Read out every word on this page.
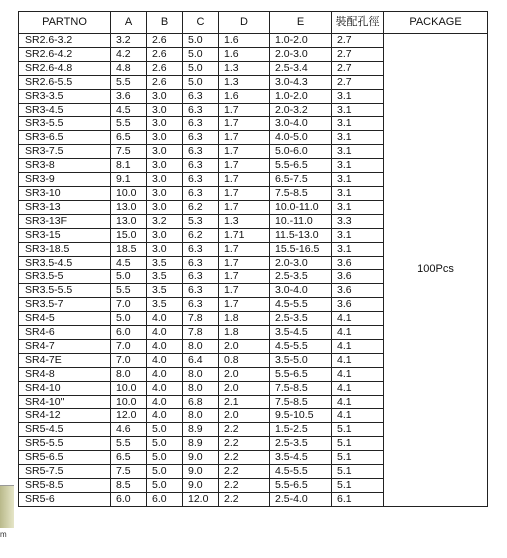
m
PARTNO	A	B	C	D	E	裝配孔徑	PACKAGE
SR2.6-3.2	3.2	2.6	5.0	1.6	1.0-2.0	2.7	100Pcs
SR2.6-4.2	4.2	2.6	5.0	1.6	2.0-3.0	2.7	
SR2.6-4.8	4.8	2.6	5.0	1.3	2.5-3.4	2.7	
SR2.6-5.5	5.5	2.6	5.0	1.3	3.0-4.3	2.7	
SR3-3.5	3.6	3.0	6.3	1.6	1.0-2.0	3.1	
SR3-4.5	4.5	3.0	6.3	1.7	2.0-3.2	3.1	
SR3-5.5	5.5	3.0	6.3	1.7	3.0-4.0	3.1	
SR3-6.5	6.5	3.0	6.3	1.7	4.0-5.0	3.1	
SR3-7.5	7.5	3.0	6.3	1.7	5.0-6.0	3.1	
SR3-8	8.1	3.0	6.3	1.7	5.5-6.5	3.1	
SR3-9	9.1	3.0	6.3	1.7	6.5-7.5	3.1	
SR3-10	10.0	3.0	6.3	1.7	7.5-8.5	3.1	
SR3-13	13.0	3.0	6.2	1.7	10.0-11.0	3.1	
SR3-13F	13.0	3.2	5.3	1.3	10.-11.0	3.3	
SR3-15	15.0	3.0	6.2	1.71	11.5-13.0	3.1	
SR3-18.5	18.5	3.0	6.3	1.7	15.5-16.5	3.1	
SR3.5-4.5	4.5	3.5	6.3	1.7	2.0-3.0	3.6	
SR3.5-5	5.0	3.5	6.3	1.7	2.5-3.5	3.6	
SR3.5-5.5	5.5	3.5	6.3	1.7	3.0-4.0	3.6	
SR3.5-7	7.0	3.5	6.3	1.7	4.5-5.5	3.6	
SR4-5	5.0	4.0	7.8	1.8	2.5-3.5	4.1	
SR4-6	6.0	4.0	7.8	1.8	3.5-4.5	4.1	
SR4-7	7.0	4.0	8.0	2.0	4.5-5.5	4.1	
SR4-7E	7.0	4.0	6.4	0.8	3.5-5.0	4.1	
SR4-8	8.0	4.0	8.0	2.0	5.5-6.5	4.1	
SR4-10	10.0	4.0	8.0	2.0	7.5-8.5	4.1	
SR4-10"	10.0	4.0	6.8	2.1	7.5-8.5	4.1	
SR4-12	12.0	4.0	8.0	2.0	9.5-10.5	4.1	
SR5-4.5	4.6	5.0	8.9	2.2	1.5-2.5	5.1	
SR5-5.5	5.5	5.0	8.9	2.2	2.5-3.5	5.1	
SR5-6.5	6.5	5.0	9.0	2.2	3.5-4.5	5.1	
SR5-7.5	7.5	5.0	9.0	2.2	4.5-5.5	5.1	
SR5-8.5	8.5	5.0	9.0	2.2	5.5-6.5	5.1	
SR5-6	6.0	6.0	12.0	2.2	2.5-4.0	6.1	
